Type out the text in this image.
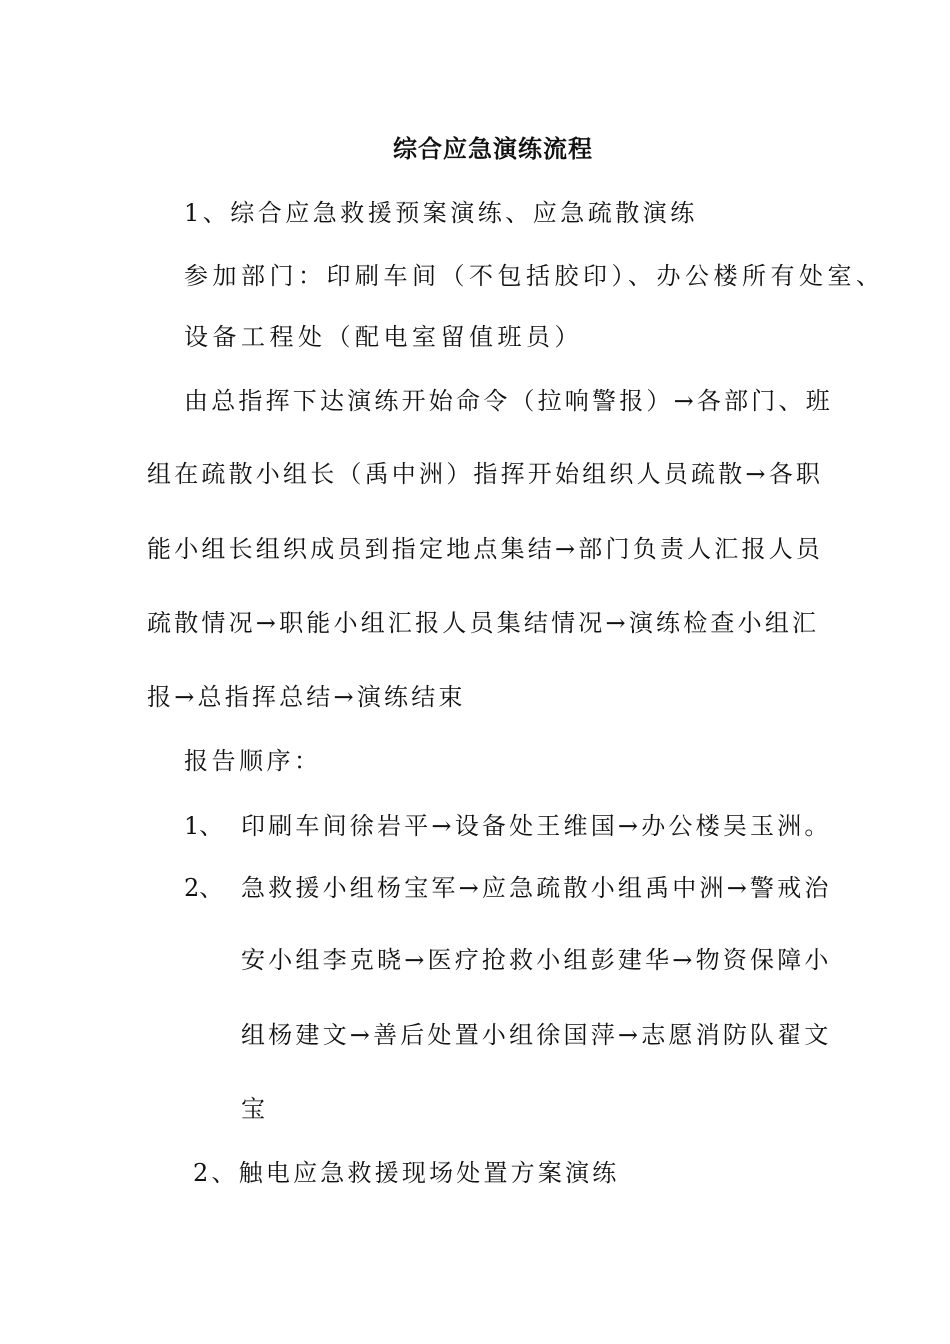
综合应急演练流程
1、综合应急救援预案演练、应急疏散演练
参加部门：印刷车间（不包括胶印）、办公楼所有处室、
设备工程处（配电室留值班员）
由总指挥下达演练开始命令（拉响警报）→各部门、班
组在疏散小组长（禹中洲）指挥开始组织人员疏散→各职
能小组长组织成员到指定地点集结→部门负责人汇报人员
疏散情况→职能小组汇报人员集结情况→演练检查小组汇
报→总指挥总结→演练结束
报告顺序：
1、 印刷车间徐岩平→设备处王维国→办公楼吴玉洲。
2、 急救援小组杨宝军→应急疏散小组禹中洲→警戒治
安小组李克晓→医疗抢救小组彭建华→物资保障小
组杨建文→善后处置小组徐国萍→志愿消防队翟文
宝
2、触电应急救援现场处置方案演练
